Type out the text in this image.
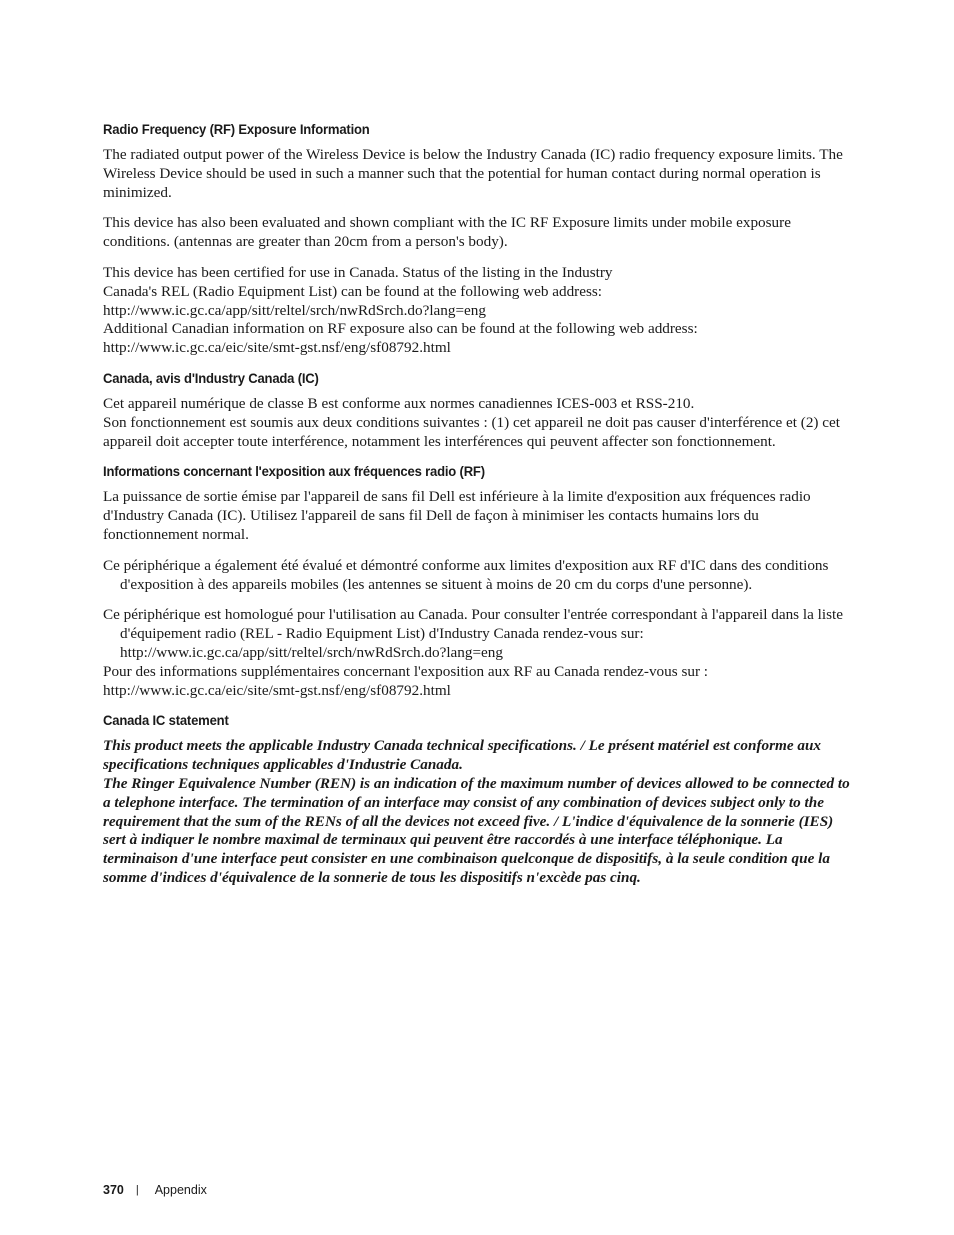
Radio Frequency (RF) Exposure Information

The radiated output power of the Wireless Device is below the Industry Canada (IC) radio frequency exposure limits. The Wireless Device should be used in such a manner such that the potential for human contact during normal operation is minimized.

This device has also been evaluated and shown compliant with the IC RF Exposure limits under mobile exposure conditions. (antennas are greater than 20cm from a person's body).

This device has been certified for use in Canada. Status of the listing in the Industry

Canada's REL (Radio Equipment List) can be found at the following web address:

http://www.ic.gc.ca/app/sitt/reltel/srch/nwRdSrch.do?lang=eng

Additional Canadian information on RF exposure also can be found at the following web address:

http://www.ic.gc.ca/eic/site/smt-gst.nsf/eng/sf08792.html

Canada, avis d'Industry Canada (IC)

Cet appareil numérique de classe B est conforme aux normes canadiennes ICES-003 et RSS-210.

Son fonctionnement est soumis aux deux conditions suivantes : (1) cet appareil ne doit pas causer d'interférence et (2) cet appareil doit accepter toute interférence, notamment les interférences qui peuvent affecter son fonctionnement.

Informations concernant l'exposition aux fréquences radio (RF)

La puissance de sortie émise par l'appareil de sans fil Dell est inférieure à la limite d'exposition aux fréquences radio d'Industry Canada (IC). Utilisez l'appareil de sans fil Dell de façon à minimiser les contacts humains lors du fonctionnement normal.

Ce périphérique a également été évalué et démontré conforme aux limites d'exposition aux RF d'IC dans des conditions d'exposition à des appareils mobiles (les antennes se situent à moins de 20 cm du corps d'une personne).

Ce périphérique est homologué pour l'utilisation au Canada. Pour consulter l'entrée correspondant à l'appareil dans la liste d'équipement radio (REL - Radio Equipment List) d'Industry Canada rendez-vous sur:

http://www.ic.gc.ca/app/sitt/reltel/srch/nwRdSrch.do?lang=eng

Pour des informations supplémentaires concernant l'exposition aux RF au Canada rendez-vous sur :

http://www.ic.gc.ca/eic/site/smt-gst.nsf/eng/sf08792.html

Canada IC statement

This product meets the applicable Industry Canada technical specifications. / Le présent matériel est conforme aux specifications techniques applicables d'Industrie Canada.

The Ringer Equivalence Number (REN) is an indication of the maximum number of devices allowed to be connected to a telephone interface. The termination of an interface may consist of any combination of devices subject only to the requirement that the sum of the RENs of all the devices not exceed five. / L'indice d'équivalence de la sonnerie (IES) sert à indiquer le nombre maximal de terminaux qui peuvent être raccordés à une interface téléphonique. La terminaison d'une interface peut consister en une combinaison quelconque de dispositifs, à la seule condition que la somme d'indices d'équivalence de la sonnerie de tous les dispositifs n'excède pas cinq.

370 | Appendix
